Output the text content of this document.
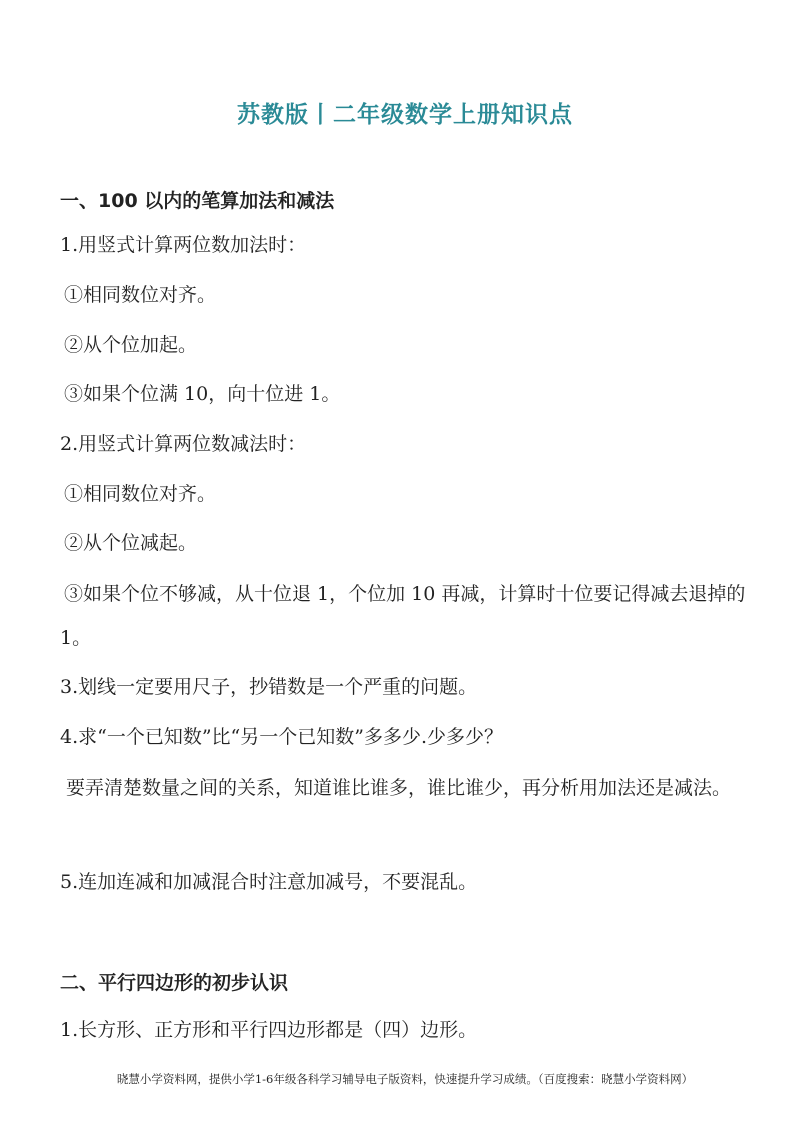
苏教版丨二年级数学上册知识点
一、100 以内的笔算加法和减法
1.用竖式计算两位数加法时：
①相同数位对齐。
②从个位加起。
③如果个位满 10，向十位进 1。
2.用竖式计算两位数减法时：
①相同数位对齐。
②从个位减起。
③如果个位不够减，从十位退 1，个位加 10 再减，计算时十位要记得减去退掉的 1。
3.划线一定要用尺子，抄错数是一个严重的问题。
4.求“一个已知数”比“另一个已知数”多多少.少多少？
要弄清楚数量之间的关系，知道谁比谁多，谁比谁少，再分析用加法还是减法。
5.连加连减和加减混合时注意加减号，不要混乱。
二、平行四边形的初步认识
1.长方形、正方形和平行四边形都是（四）边形。
晓慧小学资料网，提供小学1-6年级各科学习辅导电子版资料，快速提升学习成绩。（百度搜索：晓慧小学资料网）
